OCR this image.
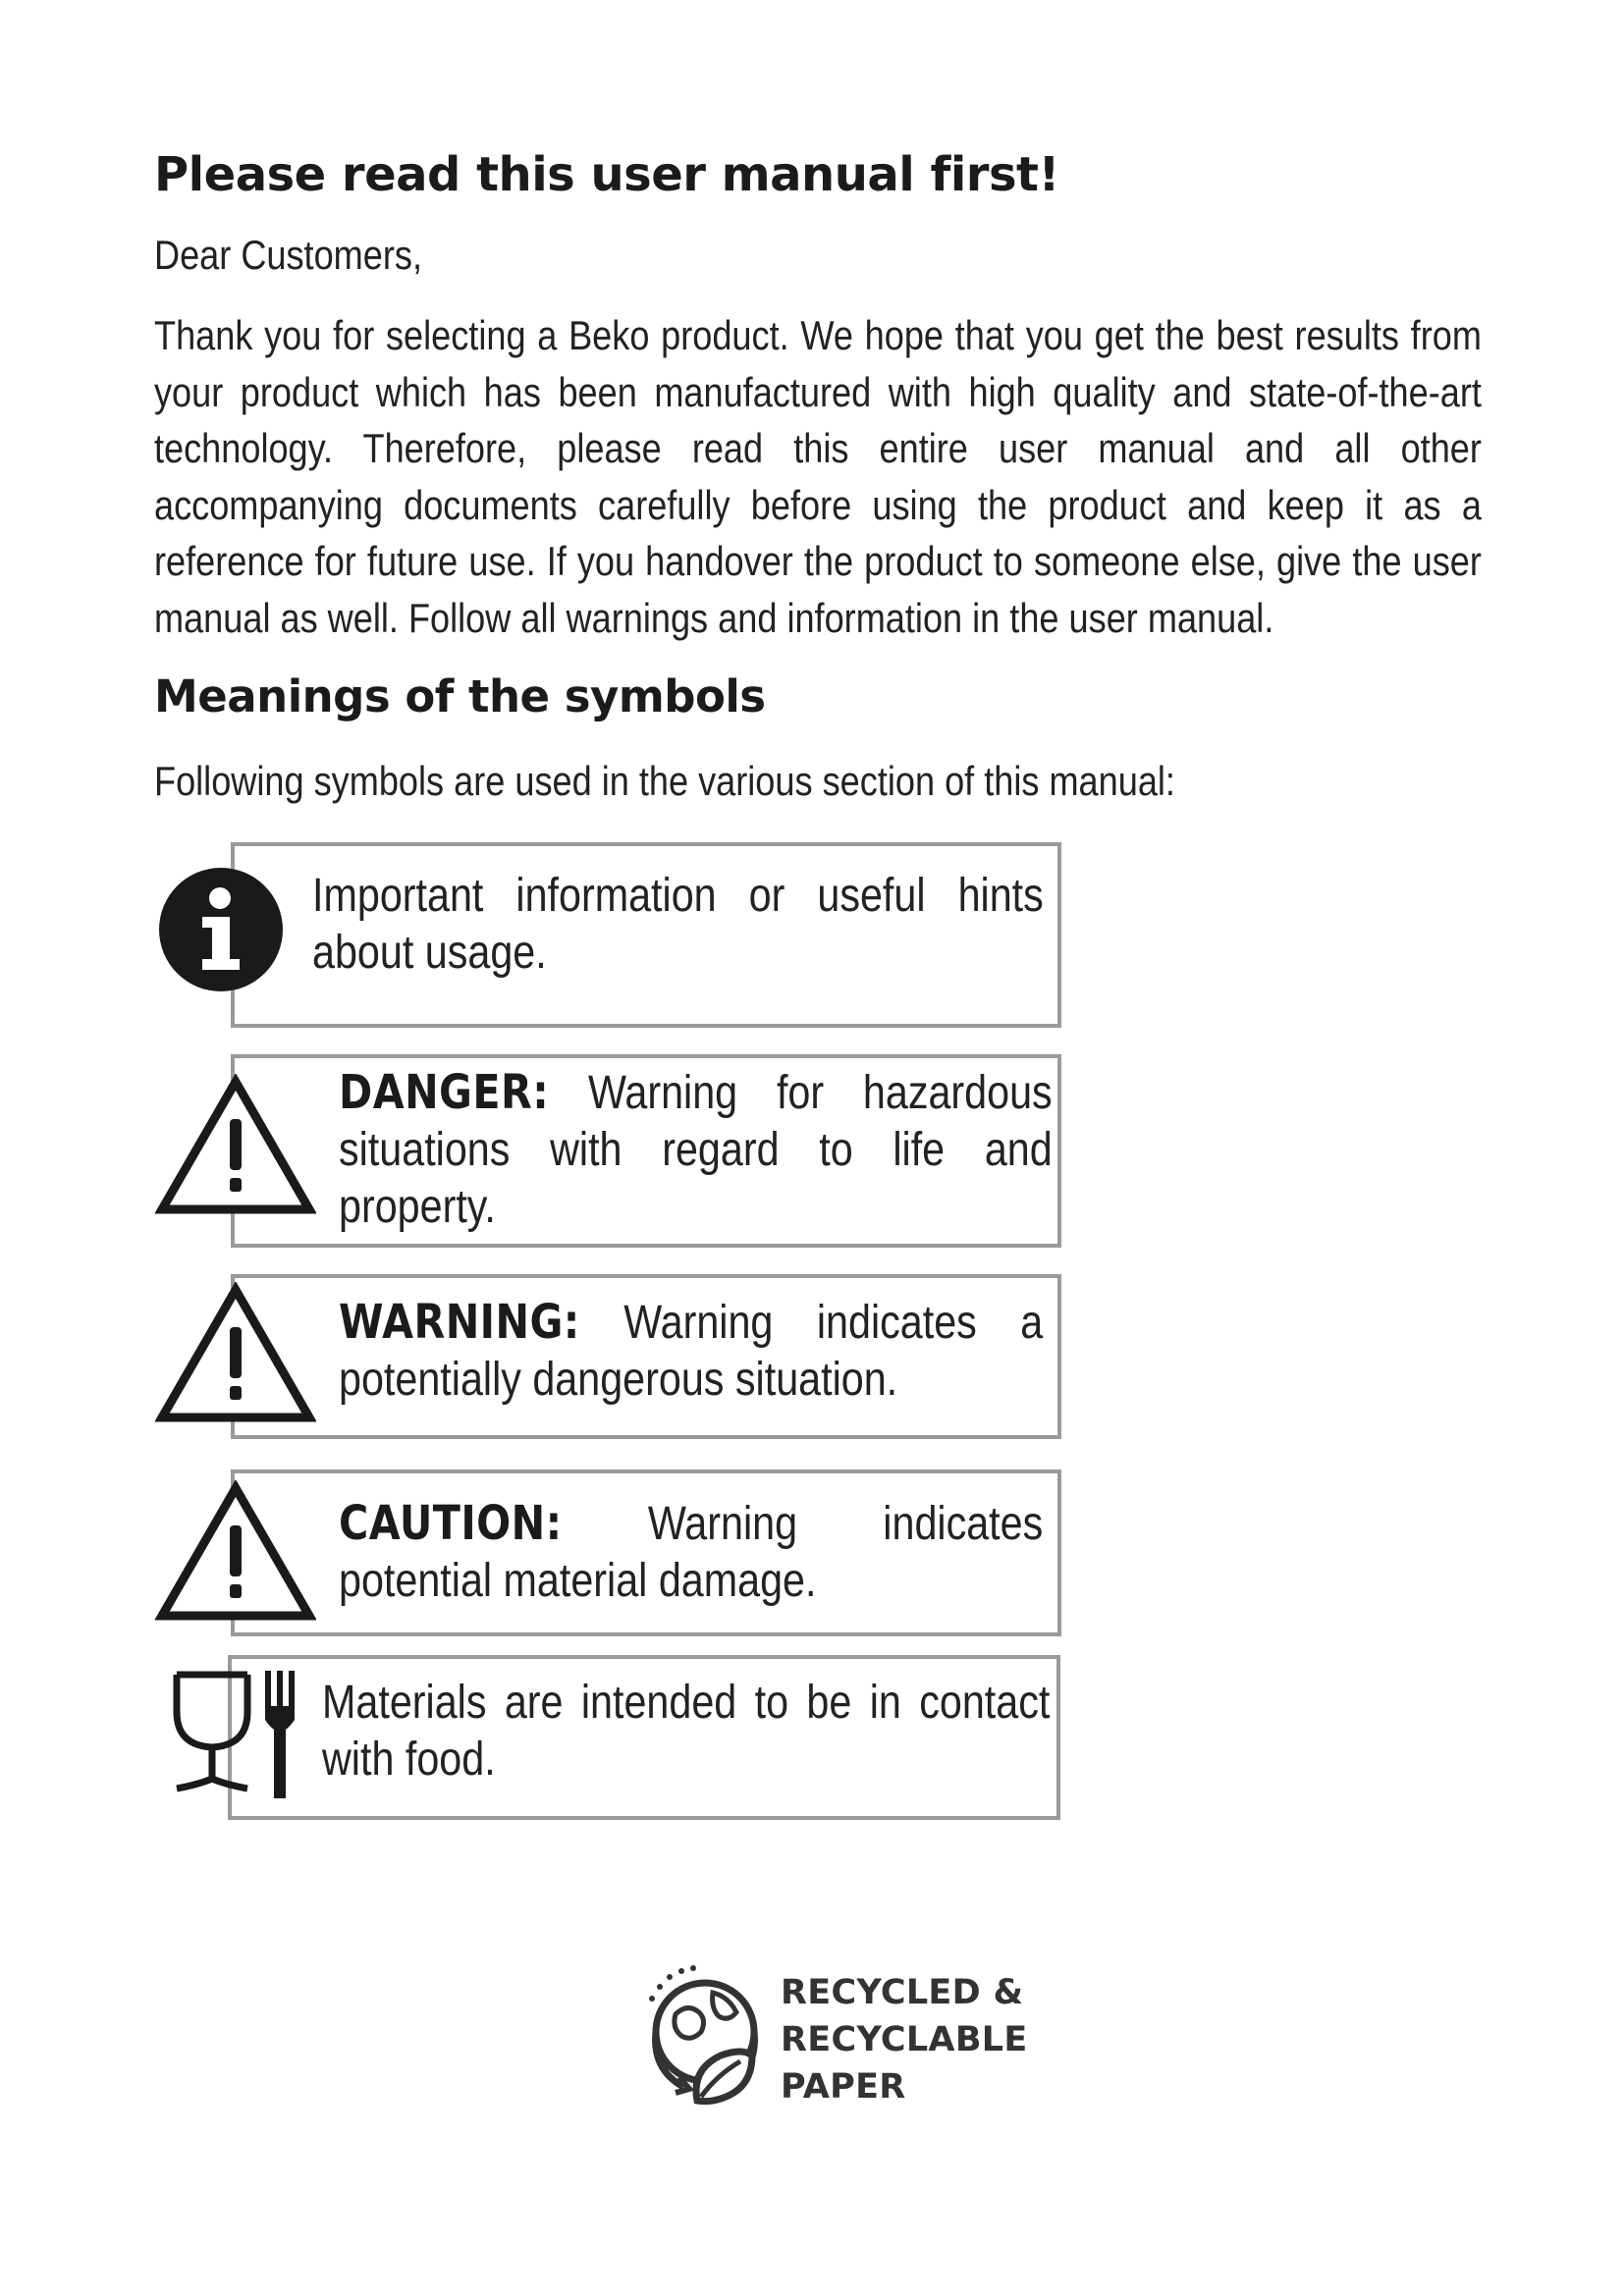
Please read this user manual first!

Dear Customers,

Thank you for selecting a Beko product. We hope that you get the best results from your product which has been manufactured with high quality and state-of-the-art technology. Therefore, please read this entire user manual and all other accompanying documents carefully before using the product and keep it as a reference for future use. If you handover the product to someone else, give the user manual as well. Follow all warnings and information in the user manual.

Meanings of the symbols

Following symbols are used in the various section of this manual:

Important information or useful hints about usage.

DANGER: Warning for hazardous situations with regard to life and property.

WARNING: Warning indicates a potentially dangerous situation.

CAUTION: Warning indicates potential material damage.

Materials are intended to be in contact with food.

RECYCLED &
RECYCLABLE
PAPER
